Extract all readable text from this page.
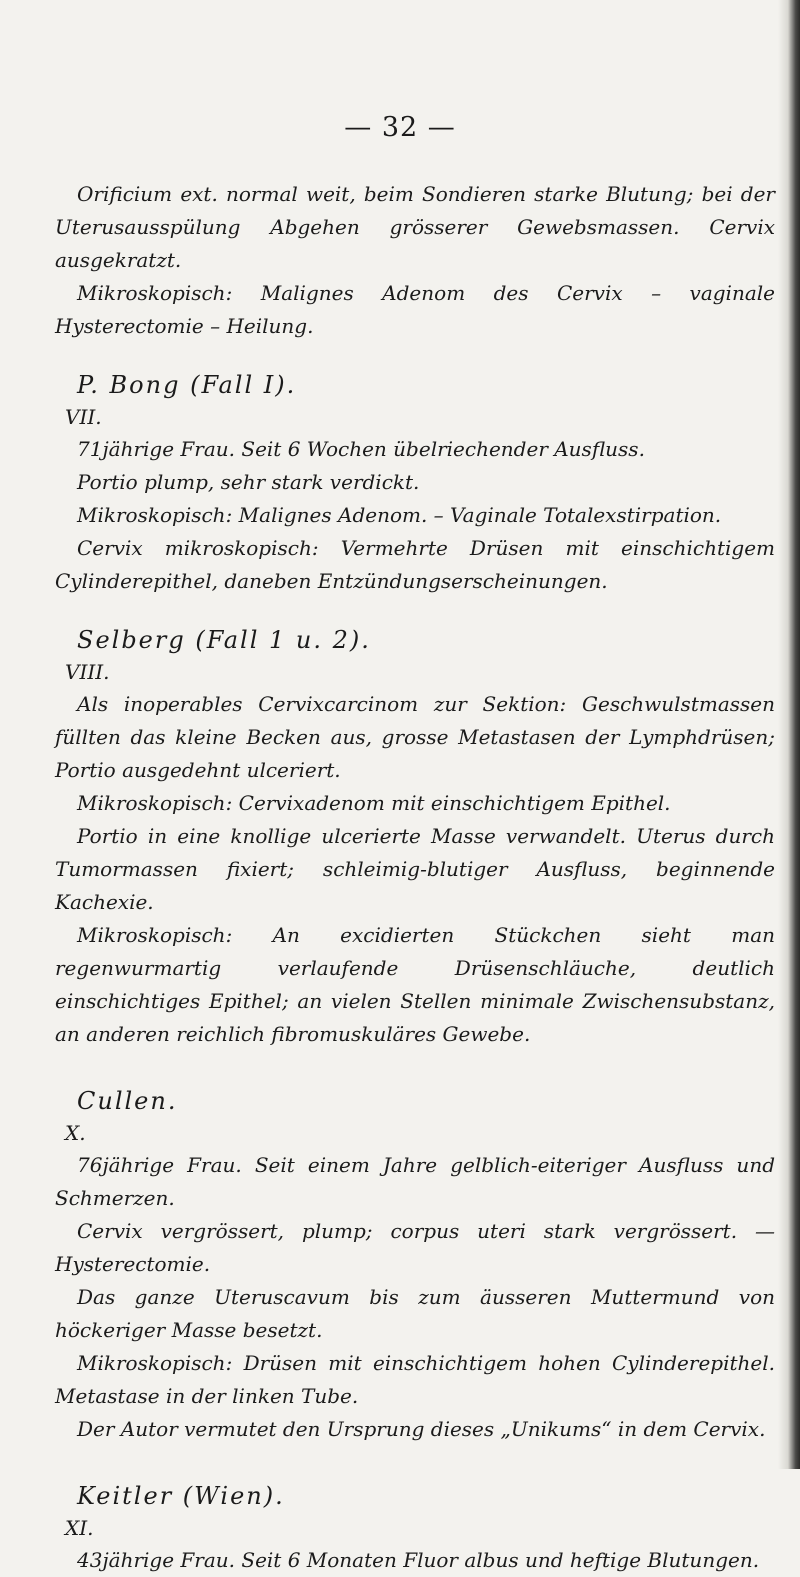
— 32 —

Orificium ext. normal weit, beim Sondieren starke Blutung; bei der Uterusausspülung Abgehen grösserer Gewebsmassen. Cervix ausgekratzt.

Mikroskopisch: Malignes Adenom des Cervix – vaginale Hysterectomie – Heilung.

P. Bong (Fall I).

VII.

71jährige Frau. Seit 6 Wochen übelriechender Ausfluss.

Portio plump, sehr stark verdickt.

Mikroskopisch: Malignes Adenom. – Vaginale Totalexstirpation.

Cervix mikroskopisch: Vermehrte Drüsen mit einschichtigem Cylinderepithel, daneben Entzündungserscheinungen.

Selberg (Fall 1 u. 2).

VIII.

Als inoperables Cervixcarcinom zur Sektion: Geschwulstmassen füllten das kleine Becken aus, grosse Metastasen der Lymphdrüsen; Portio ausgedehnt ulceriert.

Mikroskopisch: Cervixadenom mit einschichtigem Epithel.

Portio in eine knollige ulcerierte Masse verwandelt. Uterus durch Tumormassen fixiert; schleimig-blutiger Ausfluss, beginnende Kachexie.

Mikroskopisch: An excidierten Stückchen sieht man regenwurmartig verlaufende Drüsenschläuche, deutlich einschichtiges Epithel; an vielen Stellen minimale Zwischensubstanz, an anderen reichlich fibromuskuläres Gewebe.

Cullen.

X.

76jährige Frau. Seit einem Jahre gelblich-eiteriger Ausfluss und Schmerzen.

Cervix vergrössert, plump; corpus uteri stark vergrössert. — Hysterectomie.

Das ganze Uteruscavum bis zum äusseren Muttermund von höckeriger Masse besetzt.

Mikroskopisch: Drüsen mit einschichtigem hohen Cylinderepithel. Metastase in der linken Tube.

Der Autor vermutet den Ursprung dieses „Unikums“ in dem Cervix.

Keitler (Wien).

XI.

43jährige Frau. Seit 6 Monaten Fluor albus und heftige Blutungen.
